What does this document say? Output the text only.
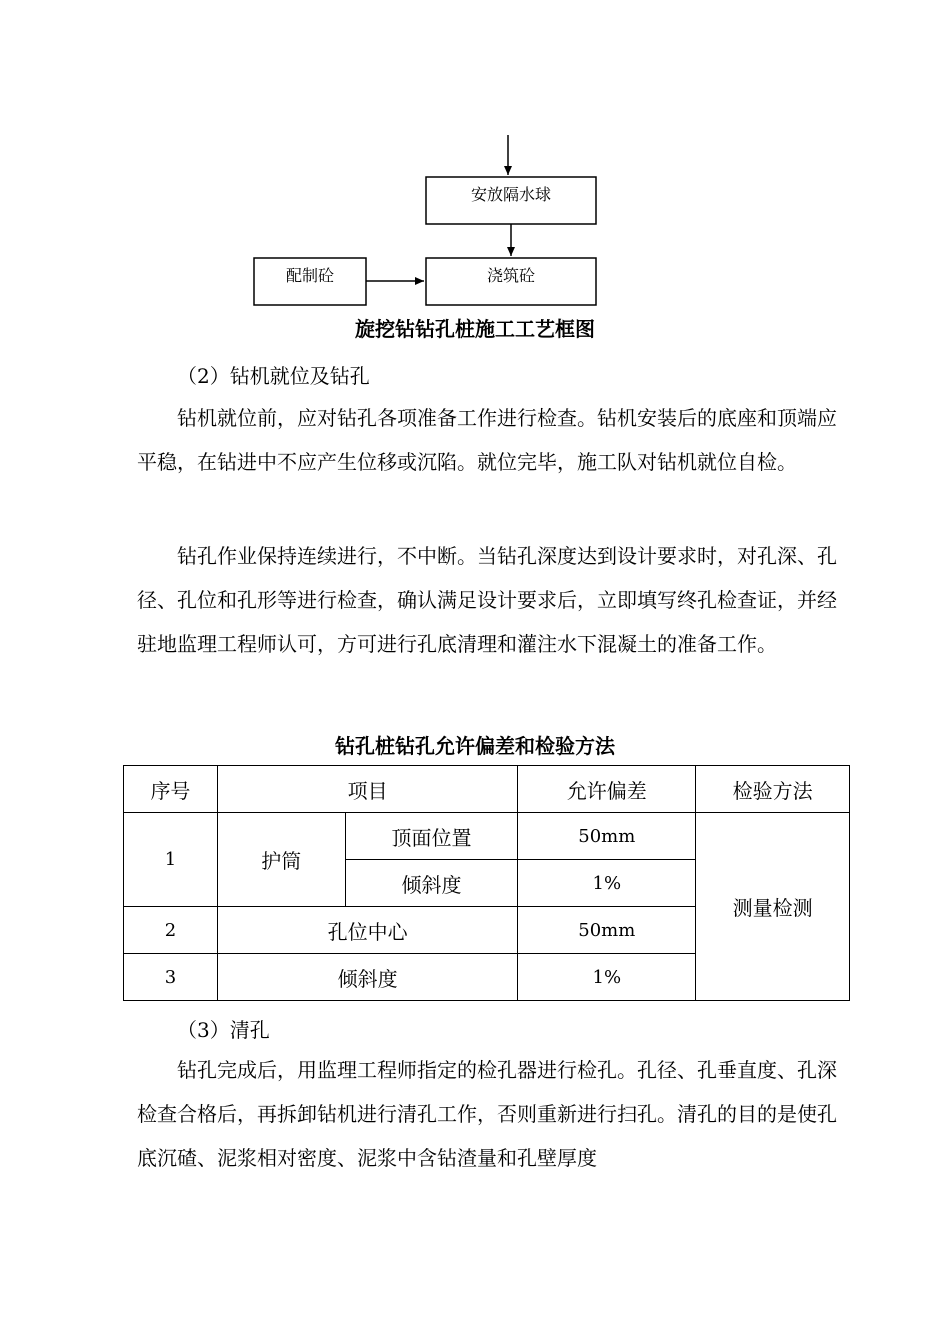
安放隔水球
浇筑砼
配制砼
旋挖钻钻孔桩施工工艺框图
（2）钻机就位及钻孔

钻机就位前，应对钻孔各项准备工作进行检查。钻机安装后的底座和顶端应平稳，在钻进中不应产生位移或沉陷。就位完毕，施工队对钻机就位自检。

钻孔作业保持连续进行，不中断。当钻孔深度达到设计要求时，对孔深、孔径、孔位和孔形等进行检查，确认满足设计要求后，立即填写终孔检查证，并经驻地监理工程师认可，方可进行孔底清理和灌注水下混凝土的准备工作。

钻孔桩钻孔允许偏差和检验方法
序号	项目		允许偏差	检验方法
1	护筒	顶面位置	50mm	测量检测
		倾斜度	1%	
2	孔位中心		50mm	
3	倾斜度		1%	
（3）清孔

钻孔完成后，用监理工程师指定的检孔器进行检孔。孔径、孔垂直度、孔深检查合格后，再拆卸钻机进行清孔工作，否则重新进行扫孔。清孔的目的是使孔底沉碴、泥浆相对密度、泥浆中含钻渣量和孔壁厚度
